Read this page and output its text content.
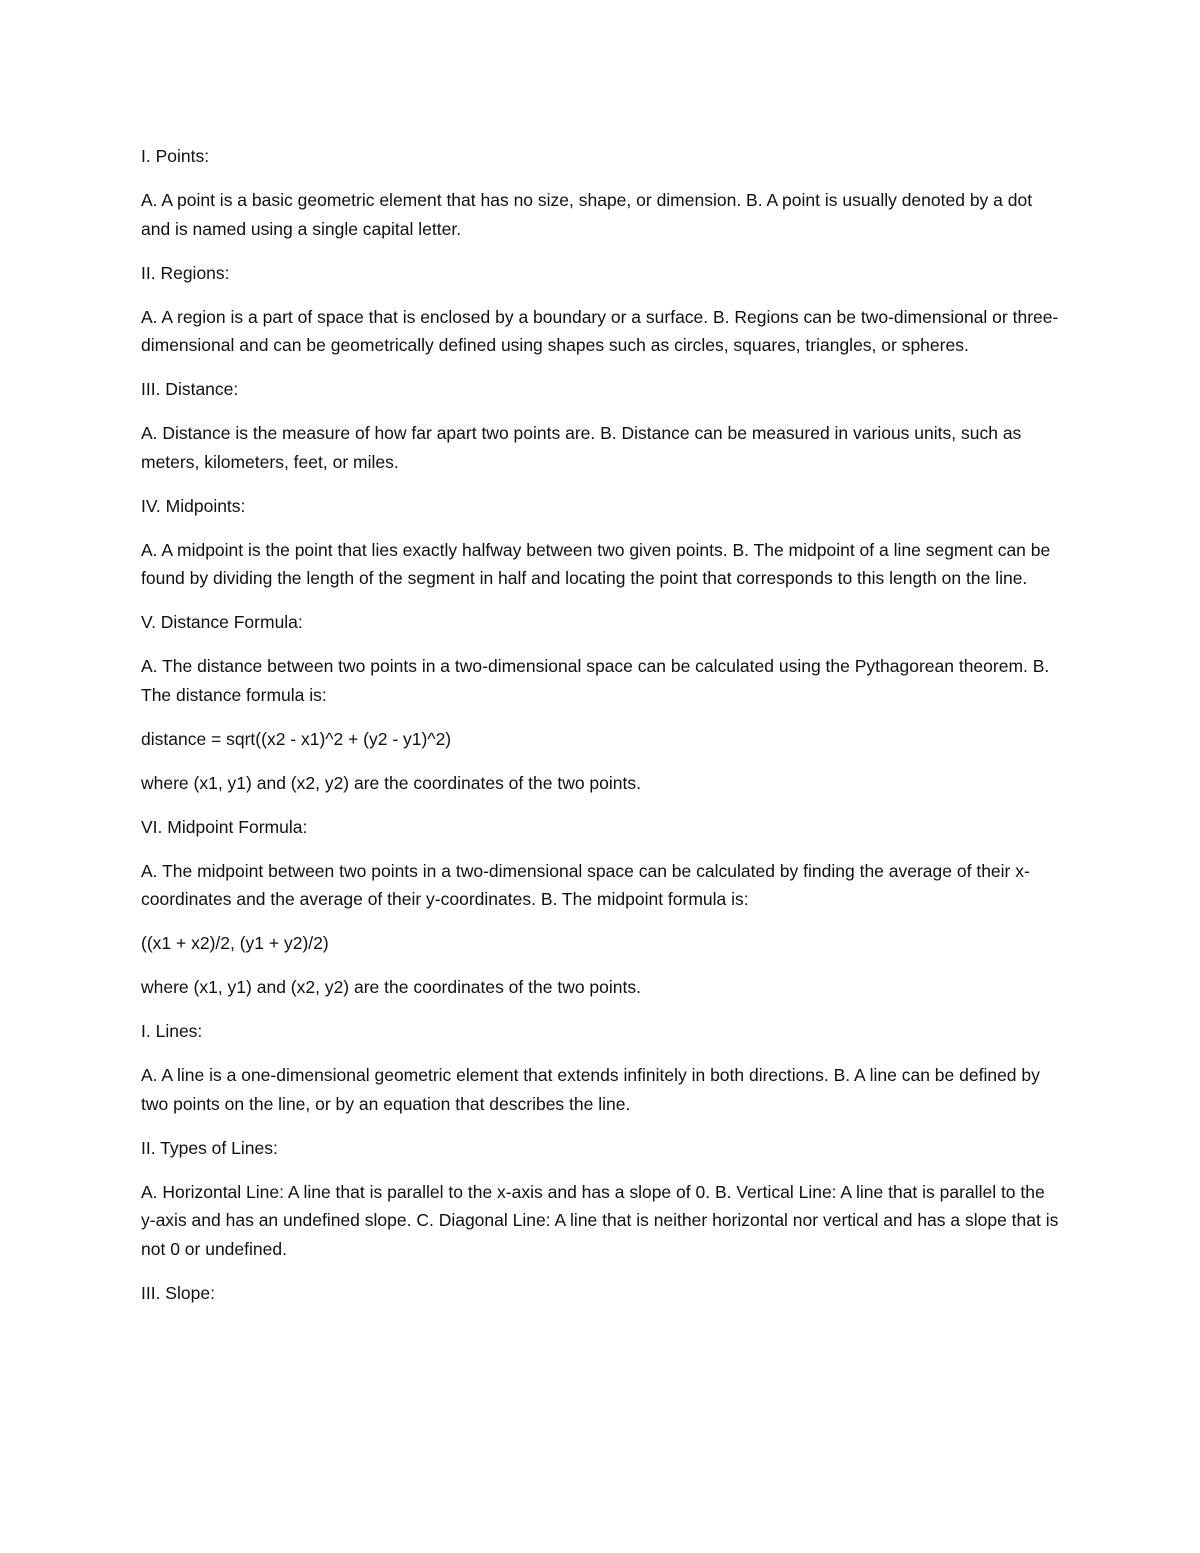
I. Points:

A. A point is a basic geometric element that has no size, shape, or dimension. B. A point is usually denoted by a dot and is named using a single capital letter.

II. Regions:

A. A region is a part of space that is enclosed by a boundary or a surface. B. Regions can be two-dimensional or three-dimensional and can be geometrically defined using shapes such as circles, squares, triangles, or spheres.

III. Distance:

A. Distance is the measure of how far apart two points are. B. Distance can be measured in various units, such as meters, kilometers, feet, or miles.

IV. Midpoints:

A. A midpoint is the point that lies exactly halfway between two given points. B. The midpoint of a line segment can be found by dividing the length of the segment in half and locating the point that corresponds to this length on the line.

V. Distance Formula:

A. The distance between two points in a two-dimensional space can be calculated using the Pythagorean theorem. B. The distance formula is:

distance = sqrt((x2 - x1)^2 + (y2 - y1)^2)

where (x1, y1) and (x2, y2) are the coordinates of the two points.

VI. Midpoint Formula:

A. The midpoint between two points in a two-dimensional space can be calculated by finding the average of their x-coordinates and the average of their y-coordinates. B. The midpoint formula is:

((x1 + x2)/2, (y1 + y2)/2)

where (x1, y1) and (x2, y2) are the coordinates of the two points.

I. Lines:

A. A line is a one-dimensional geometric element that extends infinitely in both directions. B. A line can be defined by two points on the line, or by an equation that describes the line.

II. Types of Lines:

A. Horizontal Line: A line that is parallel to the x-axis and has a slope of 0. B. Vertical Line: A line that is parallel to the y-axis and has an undefined slope. C. Diagonal Line: A line that is neither horizontal nor vertical and has a slope that is not 0 or undefined.

III. Slope:
